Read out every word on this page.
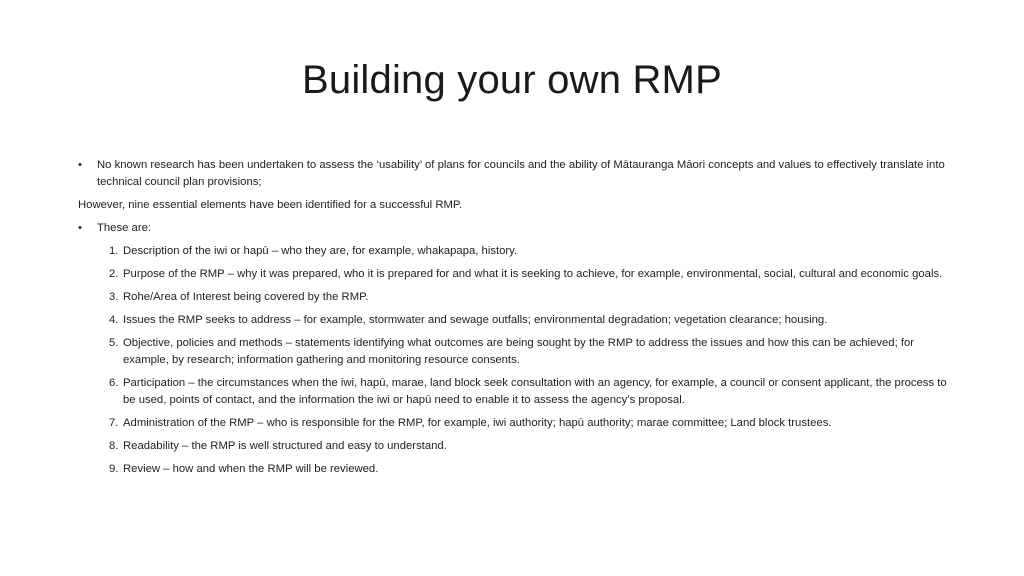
Building your own RMP

• No known research has been undertaken to assess the ‘usability’ of plans for councils and the ability of Mātauranga Māori concepts and values to effectively translate into technical council plan provisions;

However, nine essential elements have been identified for a successful RMP.

• These are:

1. Description of the iwi or hapū – who they are, for example, whakapapa, history.
2. Purpose of the RMP – why it was prepared, who it is prepared for and what it is seeking to achieve, for example, environmental, social, cultural and economic goals.
3. Rohe/Area of Interest being covered by the RMP.
4. Issues the RMP seeks to address – for example, stormwater and sewage outfalls; environmental degradation; vegetation clearance; housing.
5. Objective, policies and methods – statements identifying what outcomes are being sought by the RMP to address the issues and how this can be achieved; for example, by research; information gathering and monitoring resource consents.
6. Participation – the circumstances when the iwi, hapū, marae, land block seek consultation with an agency, for example, a council or consent applicant, the process to be used, points of contact, and the information the iwi or hapū need to enable it to assess the agency’s proposal.
7. Administration of the RMP – who is responsible for the RMP, for example, iwi authority; hapū authority; marae committee; Land block trustees.
8. Readability – the RMP is well structured and easy to understand.
9. Review – how and when the RMP will be reviewed.
